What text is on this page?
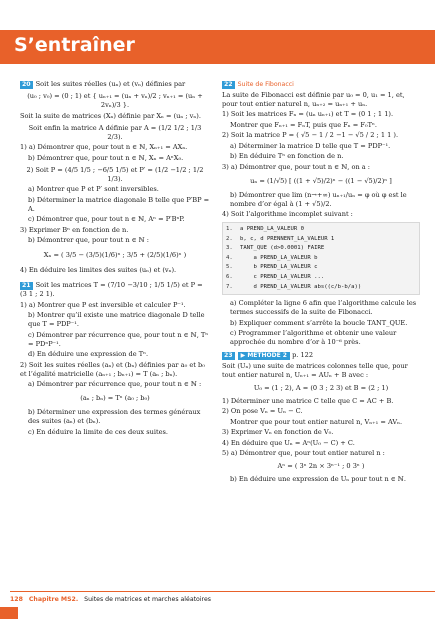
S’entraîner

20 Soit les suites réelles (uₙ) et (vₙ) définies par

(u₀ ; v₀) = (0 ; 1) et { uₙ₊₁ = (uₙ + vₙ)/2 ; vₙ₊₁ = (uₙ + 2vₙ)/3 }.

Soit la suite de matrices (Xₙ) définie par Xₙ = (uₙ ; vₙ).

Soit enfin la matrice A définie par A = (1/2 1/2 ; 1/3 2/3).

1) a) Démontrer que, pour tout n ∈ ℕ, Xₙ₊₁ = AXₙ.

b) Démontrer que, pour tout n ∈ ℕ, Xₙ = AⁿX₀.

2) Soit P = (4/5 1/5 ; −6/5 1/5) et P′ = (1/2 −1/2 ; 1/2 1/3).

a) Montrer que P et P′ sont inversibles.

b) Déterminer la matrice diagonale B telle que P′BP = A.

c) Démontrer que, pour tout n ∈ ℕ, Aⁿ = P′BⁿP.

3) Exprimer Bⁿ en fonction de n.

b) Démontrer que, pour tout n ∈ ℕ :

Xₙ = ( 3/5 − (3/5)(1/6)ⁿ ; 3/5 + (2/5)(1/6)ⁿ )

4) En déduire les limites des suites (uₙ) et (vₙ).

21 Soit les matrices T = (7/10 −3/10 ; 1/5 1/5) et P = (3 1 ; 2 1).

1) a) Montrer que P est inversible et calculer P⁻¹.

b) Montrer qu’il existe une matrice diagonale D telle que T = PDP⁻¹.

c) Démontrer par récurrence que, pour tout n ∈ ℕ, Tⁿ = PDⁿP⁻¹.

d) En déduire une expression de Tⁿ.

2) Soit les suites réelles (aₙ) et (bₙ) définies par a₀ et b₀ et l’égalité matricielle (aₙ₊₁ ; bₙ₊₁) = T (aₙ ; bₙ).

a) Démontrer par récurrence que, pour tout n ∈ ℕ :

(aₙ ; bₙ) = Tⁿ (a₀ ; b₀)

b) Déterminer une expression des termes généraux des suites (aₙ) et (bₙ).

c) En déduire la limite de ces deux suites.

22 Suite de Fibonacci

La suite de Fibonacci est définie par u₀ = 0, u₁ = 1, et, pour tout entier naturel n, uₙ₊₂ = uₙ₊₁ + uₙ.

1) Soit les matrices Fₙ = (uₙ uₙ₊₁) et T = (0 1 ; 1 1).

Montrer que Fₙ₊₁ = FₙT, puis que Fₙ = F₀Tⁿ.

2) Soit la matrice P = ( √5 − 1 / 2 −1 − √5 / 2 ; 1 1 ).

a) Déterminer la matrice D telle que T = PDP⁻¹.

b) En déduire Tⁿ en fonction de n.

3) a) Démontrer que, pour tout n ∈ ℕ, on a :

uₙ = (1/√5) [ ((1 + √5)/2)ⁿ − ((1 − √5)/2)ⁿ ]

b) Démontrer que lim (n→+∞) uₙ₊₁/uₙ = φ où φ est le nombre d’or égal à (1 + √5)/2.

4) Soit l’algorithme incomplet suivant :

1. a PREND_LA_VALEUR 0
2. b, c, d PRENNENT_LA_VALEUR 1
3. TANT_QUE (d>0.0001) FAIRE
4.    a PREND_LA_VALEUR b
5.    b PREND_LA_VALEUR c
6.    c PREND_LA_VALEUR ...
7.    d PREND_LA_VALEUR abs((c/b-b/a))

a) Compléter la ligne 6 afin que l’algorithme calcule les termes successifs de la suite de Fibonacci.

b) Expliquer comment s’arrête la boucle TANT_QUE.

c) Programmer l’algorithme et obtenir une valeur approchée du nombre d’or à 10⁻⁶ près.

23 ▶ MÉTHODE 2 p. 122

Soit (Uₙ) une suite de matrices colonnes telle que, pour tout entier naturel n, Uₙ₊₁ = AUₙ + B avec :

U₀ = (1 ; 2), A = (0 3 ; 2 3) et B = (2 ; 1)

1) Déterminer une matrice C telle que C = AC + B.

2) On pose Vₙ = Uₙ − C.

Montrer que pour tout entier naturel n, Vₙ₊₁ = AVₙ.

3) Exprimer Vₙ en fonction de V₀.

4) En déduire que Uₙ = Aⁿ(U₀ − C) + C.

5) a) Démontrer que, pour tout entier naturel n :

Aⁿ = ( 3ⁿ 2n × 3ⁿ⁻¹ ; 0 3ⁿ )

b) En déduire une expression de Uₙ pour tout n ∈ ℕ.

128 Chapitre MS2. Suites de matrices et marches aléatoires
